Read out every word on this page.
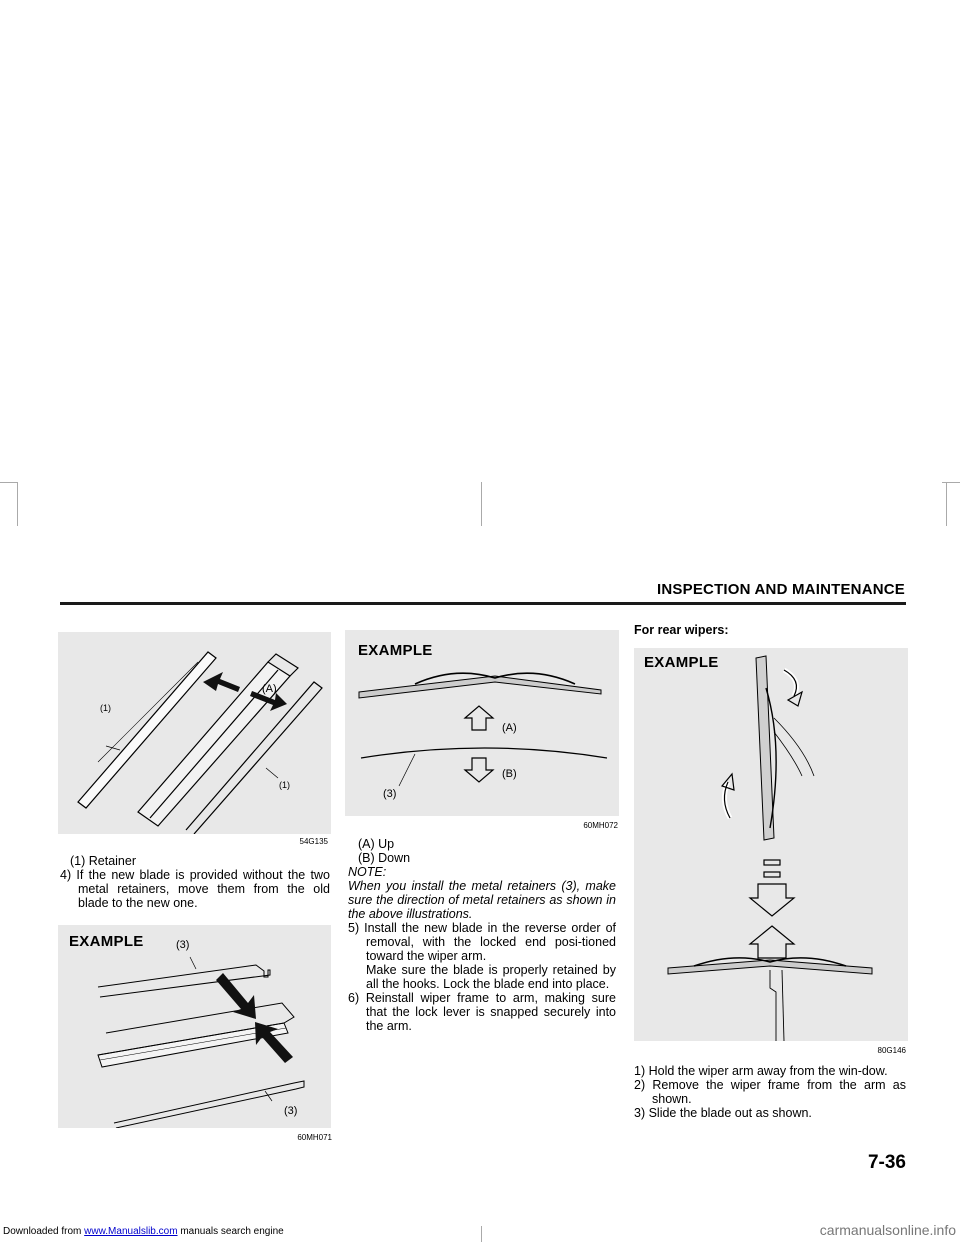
INSPECTION AND MAINTENANCE
(A)
(1)
(1)
54G135

(1) Retainer

4) If the new blade is provided without the two metal retainers, move them from the old blade to the new one.

EXAMPLE	(3)
(3)
60MH071
EXAMPLE
(A)
(B)
(3)
60MH072

(A) Up

(B) Down

NOTE:

When you install the metal retainers (3), make sure the direction of metal retainers as shown in the above illustrations.

5) Install the new blade in the reverse order of removal, with the locked end posi-tioned toward the wiper arm.

Make sure the blade is properly retained by all the hooks. Lock the blade end into place.

6) Reinstall wiper frame to arm, making sure that the lock lever is snapped securely into the arm.

For rear wipers:
EXAMPLE
80G146

1) Hold the wiper arm away from the win-dow.

2) Remove the wiper frame from the arm as shown.

3) Slide the blade out as shown.

7-36
Downloaded from www.Manualslib.com manuals search engine	carmanualsonline.info
